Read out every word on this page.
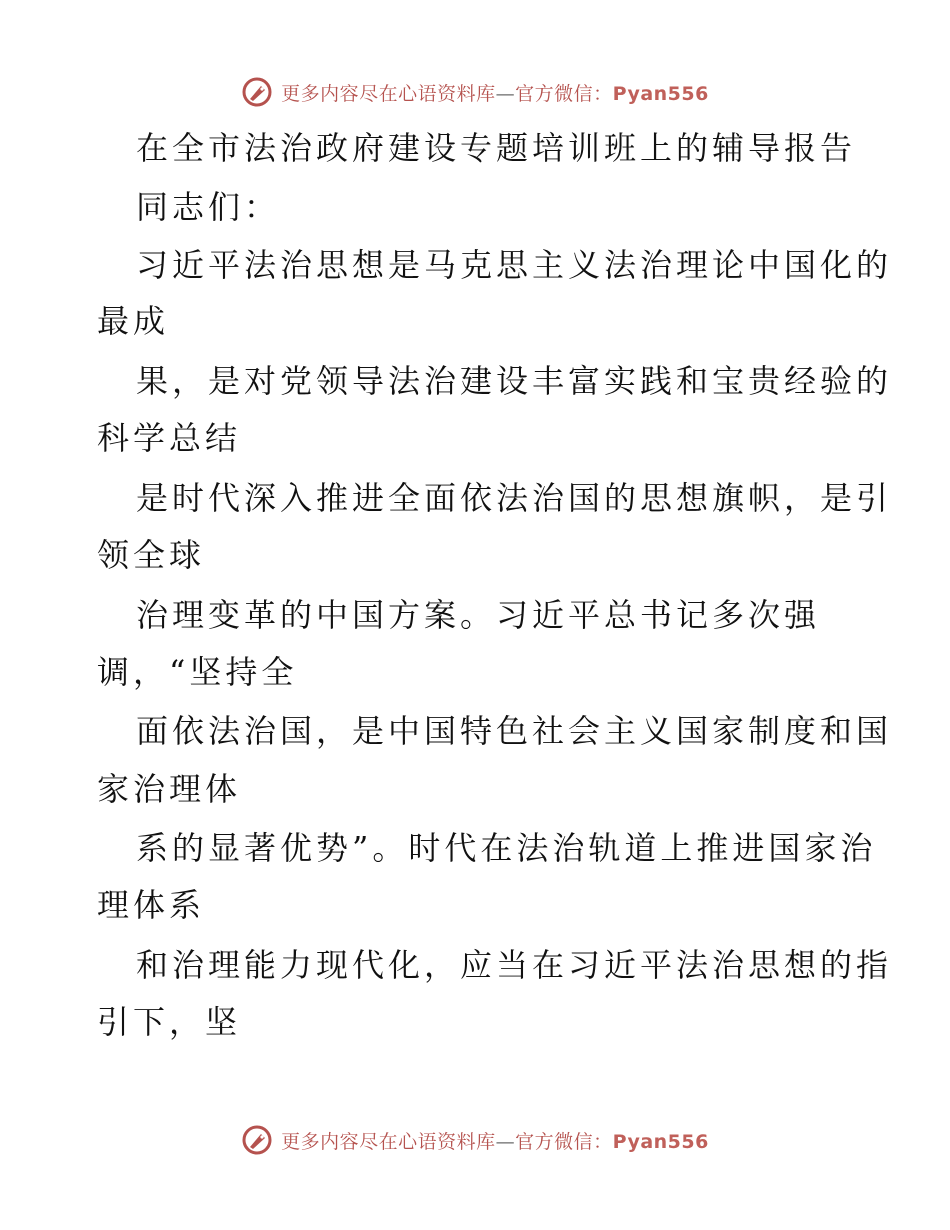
更多内容尽在心语资料库—官方微信：Pyan556
在全市法治政府建设专题培训班上的辅导报告
同志们：
习近平法治思想是马克思主义法治理论中国化的
最成
果，是对党领导法治建设丰富实践和宝贵经验的
科学总结
是时代深入推进全面依法治国的思想旗帜，是引
领全球
治理变革的中国方案。习近平总书记多次强
调，“坚持全
面依法治国，是中国特色社会主义国家制度和国
家治理体
系的显著优势”。时代在法治轨道上推进国家治
理体系
和治理能力现代化，应当在习近平法治思想的指
引下，坚
更多内容尽在心语资料库—官方微信：Pyan556
